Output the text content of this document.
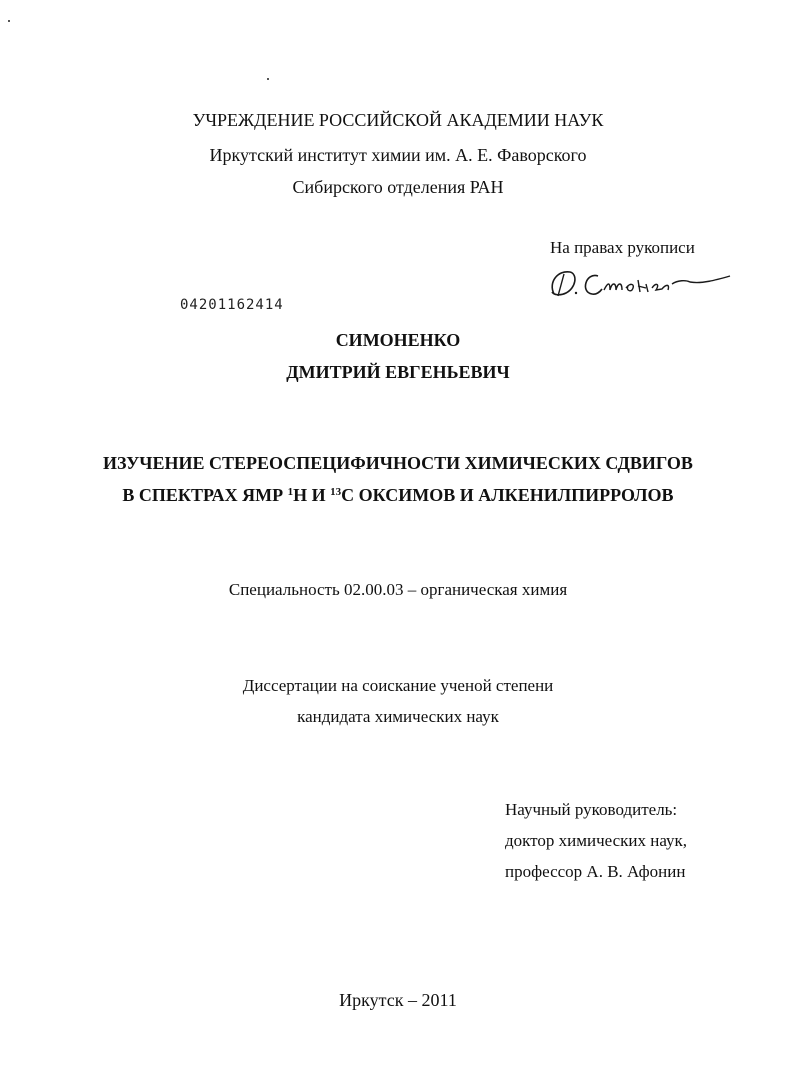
УЧРЕЖДЕНИЕ РОССИЙСКОЙ АКАДЕМИИ НАУК
Иркутский институт химии им. А. Е. Фаворского
Сибирского отделения РАН
На правах рукописи
Д. Симоненко
04201162414
СИМОНЕНКО
ДМИТРИЙ ЕВГЕНЬЕВИЧ
ИЗУЧЕНИЕ СТЕРЕОСПЕЦИФИЧНОСТИ ХИМИЧЕСКИХ СДВИГОВ
В СПЕКТРАХ ЯМР $^1$Н И $^{13}$С ОКСИМОВ И АЛКЕНИЛПИРРОЛОВ
Специальность 02.00.03 – органическая химия
Диссертации на соискание ученой степени
кандидата химических наук
Научный руководитель:
доктор химических наук,
профессор А. В. Афонин
Иркутск – 2011
